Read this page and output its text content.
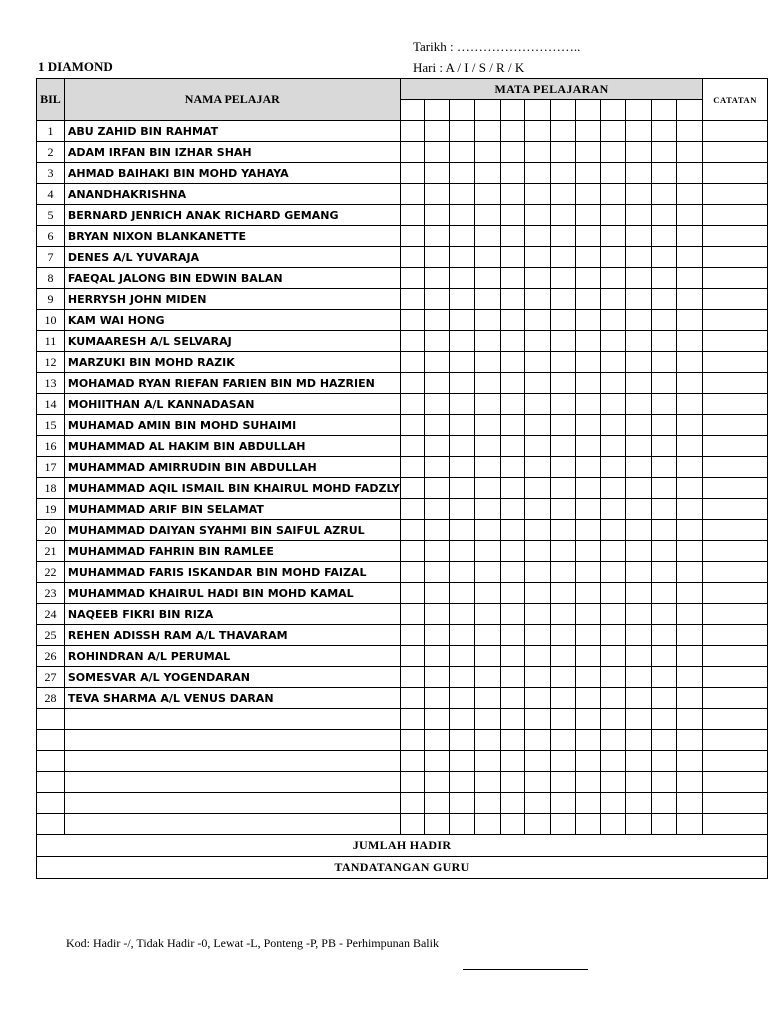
1 DIAMOND
Tarikh : ………………………..
Hari : A / I / S / R / K
BIL	NAMA PELAJAR	MATA PELAJARAN												CATATAN

1	ABU ZAHID BIN RAHMAT													
2	ADAM IRFAN BIN IZHAR SHAH													
3	AHMAD BAIHAKI BIN MOHD YAHAYA													
4	ANANDHAKRISHNA													
5	BERNARD JENRICH ANAK RICHARD GEMANG													
6	BRYAN NIXON BLANKANETTE													
7	DENES A/L YUVARAJA													
8	FAEQAL JALONG BIN EDWIN BALAN													
9	HERRYSH JOHN MIDEN													
10	KAM WAI HONG													
11	KUMAARESH A/L SELVARAJ													
12	MARZUKI BIN MOHD RAZIK													
13	MOHAMAD RYAN RIEFAN FARIEN BIN MD HAZRIEN													
14	MOHIITHAN A/L KANNADASAN													
15	MUHAMAD AMIN BIN MOHD SUHAIMI													
16	MUHAMMAD AL HAKIM BIN ABDULLAH													
17	MUHAMMAD AMIRRUDIN BIN ABDULLAH													
18	MUHAMMAD AQIL ISMAIL BIN KHAIRUL MOHD FADZLY													
19	MUHAMMAD ARIF BIN SELAMAT													
20	MUHAMMAD DAIYAN SYAHMI BIN SAIFUL AZRUL													
21	MUHAMMAD FAHRIN BIN RAMLEE													
22	MUHAMMAD FARIS ISKANDAR BIN MOHD FAIZAL													
23	MUHAMMAD KHAIRUL HADI BIN MOHD KAMAL													
24	NAQEEB FIKRI BIN RIZA													
25	REHEN ADISSH RAM A/L THAVARAM													
26	ROHINDRAN A/L PERUMAL													
27	SOMESVAR A/L YOGENDARAN													
28	TEVA SHARMA A/L VENUS DARAN													

JUMLAH HADIR														
TANDATANGAN GURU														
Kod: Hadir -/, Tidak Hadir -0, Lewat -L, Ponteng -P, PB - Perhimpunan Balik
